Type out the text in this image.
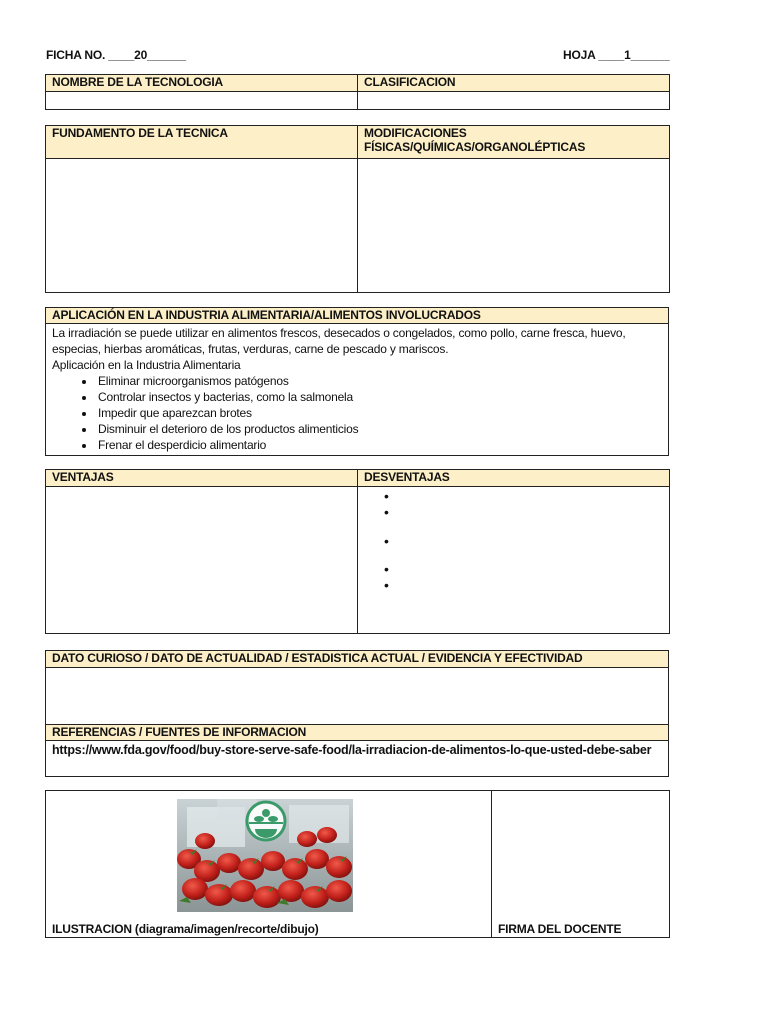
FICHA NO. ____20______	HOJA ____1______
NOMBRE DE LA TECNOLOGIA	CLASIFICACION

FUNDAMENTO DE LA TECNICA	MODIFICACIONES
FÍSICAS/QUÍMICAS/ORGANOLÉPTICAS

APLICACIÓN EN LA INDUSTRIA ALIMENTARIA/ALIMENTOS INVOLUCRADOS

La irradiación se puede utilizar en alimentos frescos, desecados o congelados, como pollo, carne fresca, huevo, especias, hierbas aromáticas, frutas, verduras, carne de pescado y mariscos.
Aplicación en la Industria Alimentaria
• Eliminar microorganismos patógenos
• Controlar insectos y bacterias, como la salmonela
• Impedir que aparezcan brotes
• Disminuir el deterioro de los productos alimenticios
• Frenar el desperdicio alimentario
VENTAJAS	DESVENTAJAS

	•
•
•
•
•
DATO CURIOSO / DATO DE ACTUALIDAD / ESTADISTICA ACTUAL / EVIDENCIA Y EFECTIVIDAD

REFERENCIAS / FUENTES DE INFORMACION

https://www.fda.gov/food/buy-store-serve-safe-food/la-irradiacion-de-alimentos-lo-que-usted-debe-saber
ILUSTRACION (diagrama/imagen/recorte/dibujo)	FIRMA DEL DOCENTE
